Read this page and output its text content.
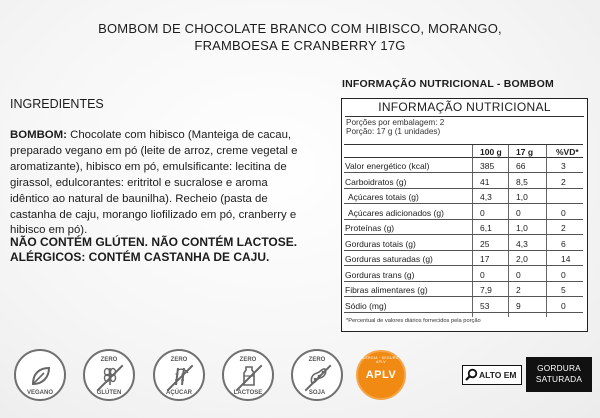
BOMBOM DE CHOCOLATE BRANCO COM HIBISCO, MORANGO,
FRAMBOESA E CRANBERRY 17G
INGREDIENTES
BOMBOM: Chocolate com hibisco (Manteiga de cacau, preparado vegano em pó (leite de arroz, creme vegetal e aromatizante), hibisco em pó, emulsificante: lecitina de girassol, edulcorantes: eritritol e sucralose e aroma idêntico ao natural de baunilha). Recheio (pasta de castanha de caju, morango liofilizado em pó, cranberry e hibisco em pó).
NÃO CONTÉM GLÚTEN. NÃO CONTÉM LACTOSE.
ALÉRGICOS: CONTÉM CASTANHA DE CAJU.
INFORMAÇÃO NUTRICIONAL - BOMBOM
INFORMAÇÃO NUTRICIONAL
Porções por embalagem: 2
Porção: 17 g (1 unidades)
100 g 17 g	%VD*
*Percentual de valores diários fornecidos pela porção
Valor energético (kcal)	385	66	3
Carboidratos (g)	41	8,5	2
Açúcares totais (g)	4,3	1,0
Açúcares adicionados (g)	0	0	0
Proteínas (g)	6,1	1,0	2
Gorduras totais (g)	25	4,3	6
Gorduras saturadas (g)	17	2,0	14
Gorduras trans (g)	0	0	0
Fibras alimentares (g)	7,9	2	5
Sódio (mg)	53	9	0
VEGANO
ZERO
GLÚTEN
ZERO
AÇÚCAR
ZERO
LACTOSE
ZERO
SOJA
ALERGIA · SEGURO · APLV
APLV	ALTO EM
GORDURA
SATURADA
